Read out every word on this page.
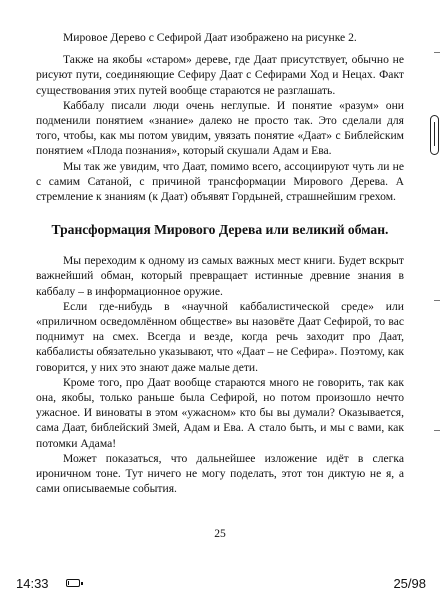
Мировое Дерево с Сефирой Даат изображено на рисунке 2.

Также на якобы «старом» дереве, где Даат присутствует, обычно не рисуют пути, соединяющие Сефиру Даат с Сефирами Ход и Нецах. Факт существования этих путей вообще стараются не разглашать.

Каббалу писали люди очень неглупые. И понятие «разум» они подменили понятием «знание» далеко не просто так. Это сделали для того, чтобы, как мы потом увидим, увязать понятие «Даат» с Библейским понятием «Плода познания», который скушали Адам и Ева.

Мы так же увидим, что Даат, помимо всего, ассоциируют чуть ли не с самим Сатаной, с причиной трансформации Мирового Дерева. А стремление к знаниям (к Даат) объявят Гордыней, страшнейшим грехом.

Трансформация Мирового Дерева или великий обман.

Мы переходим к одному из самых важных мест книги. Будет вскрыт важнейший обман, который превращает истинные древние знания в каббалу – в информационное оружие.

Если где-нибудь в «научной каббалистической среде» или «приличном осведомлённом обществе» вы назовёте Даат Сефирой, то вас поднимут на смех. Всегда и везде, когда речь заходит про Даат, каббалисты обязательно указывают, что «Даат – не Сефира». Поэтому, как говорится, у них это знают даже малые дети.

Кроме того, про Даат вообще стараются много не говорить, так как она, якобы, только раньше была Сефирой, но потом произошло нечто ужасное. И виноваты в этом «ужасном» кто бы вы думали? Оказывается, сама Даат, библейский Змей, Адам и Ева. А стало быть, и мы с вами, как потомки Адама!

Может показаться, что дальнейшее изложение идёт в слегка ироничном тоне. Тут ничего не могу поделать, этот тон диктую не я, а сами описываемые события.

25
14:33	25/98
